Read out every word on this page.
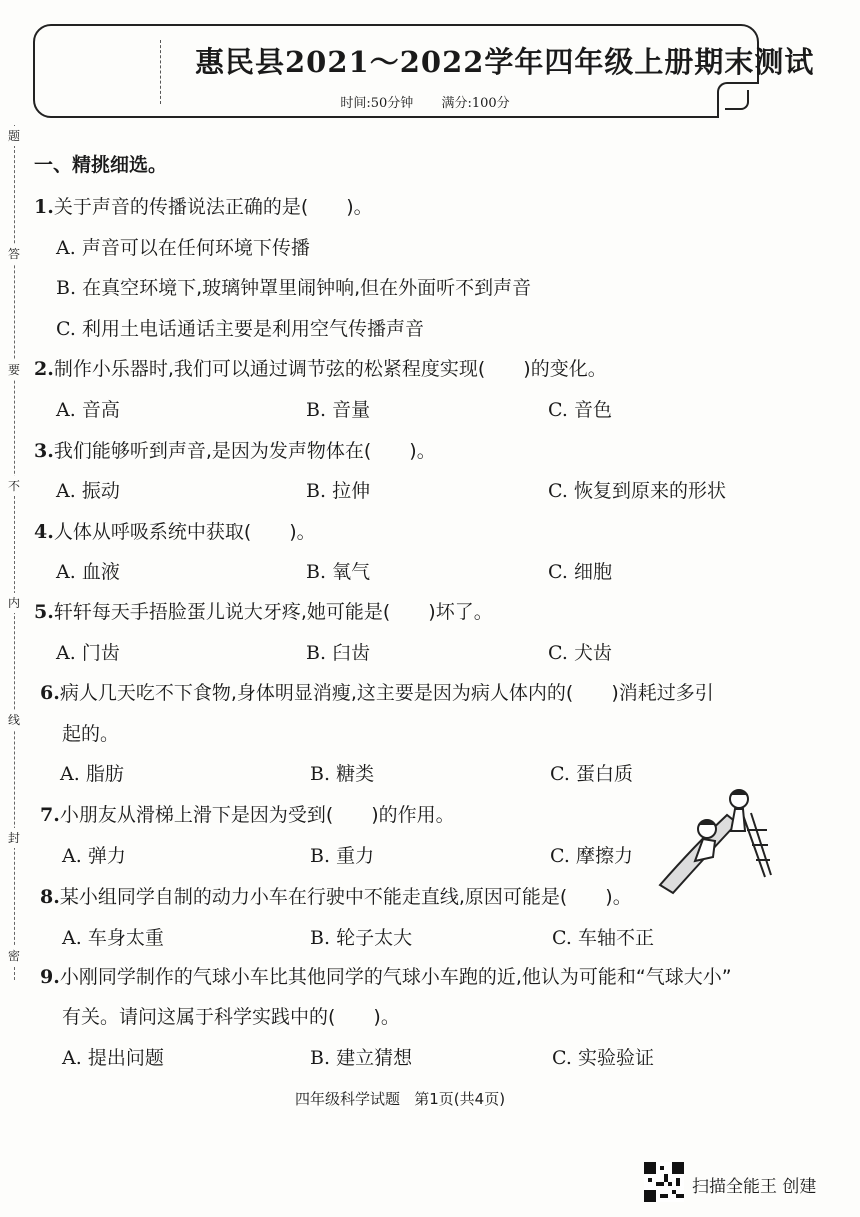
惠民县2021～2022学年四年级上册期末测试
时间:50分钟 满分:100分
题
答
要
不
内
线
封
密
一、精挑细选。
1.关于声音的传播说法正确的是(　　)。
A. 声音可以在任何环境下传播
B. 在真空环境下,玻璃钟罩里闹钟响,但在外面听不到声音
C. 利用土电话通话主要是利用空气传播声音
2.制作小乐器时,我们可以通过调节弦的松紧程度实现(　　)的变化。
A. 音高	B. 音量	C. 音色
3.我们能够听到声音,是因为发声物体在(　　)。
A. 振动	B. 拉伸	C. 恢复到原来的形状
4.人体从呼吸系统中获取(　　)。
A. 血液	B. 氧气	C. 细胞
5.轩轩每天手捂脸蛋儿说大牙疼,她可能是(　　)坏了。
A. 门齿	B. 臼齿	C. 犬齿
6.病人几天吃不下食物,身体明显消瘦,这主要是因为病人体内的(　　)消耗过多引
起的。
A. 脂肪	B. 糖类	C. 蛋白质
7.小朋友从滑梯上滑下是因为受到(　　)的作用。
A. 弹力	B. 重力	C. 摩擦力
8.某小组同学自制的动力小车在行驶中不能走直线,原因可能是(　　)。
A. 车身太重	B. 轮子太大	C. 车轴不正
9.小刚同学制作的气球小车比其他同学的气球小车跑的近,他认为可能和“气球大小”
有关。请问这属于科学实践中的(　　)。
A. 提出问题	B. 建立猜想	C. 实验验证
四年级科学试题 第1页(共4页)
扫描全能王 创建
